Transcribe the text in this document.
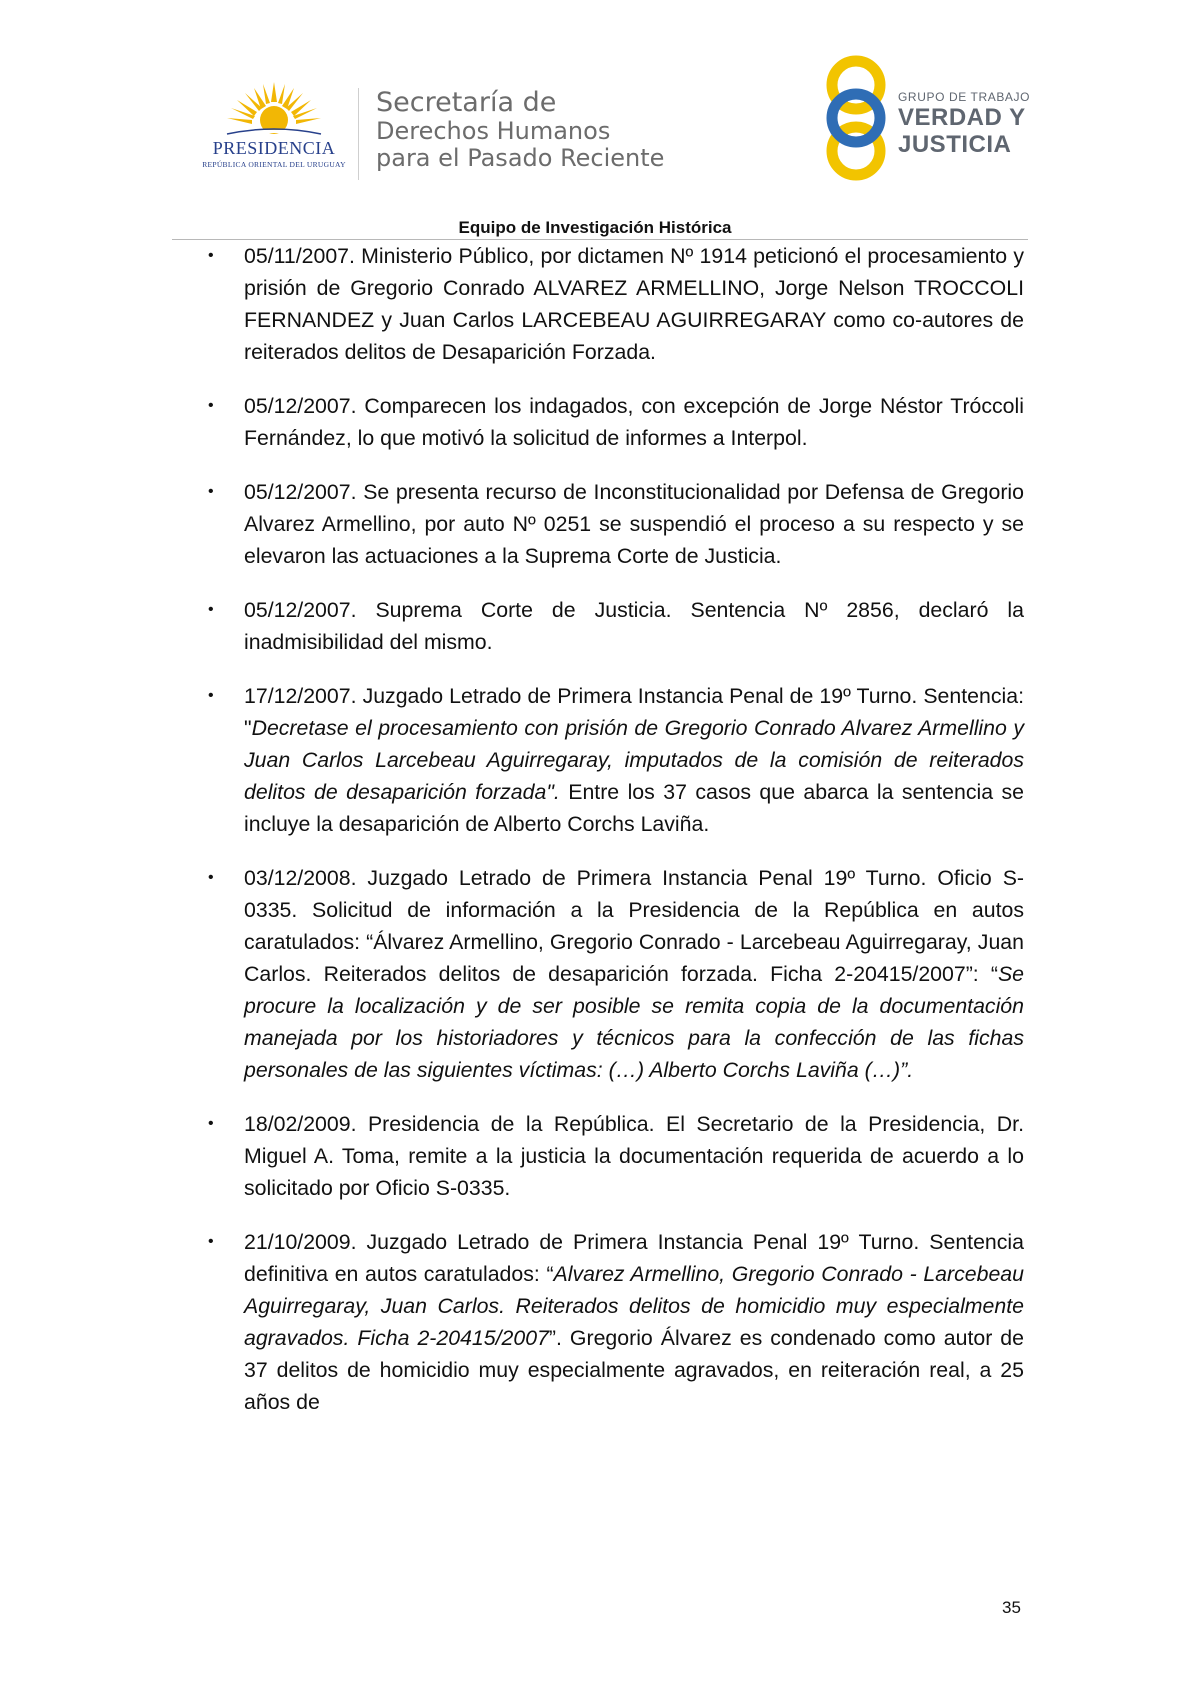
PRESIDENCIA
REPÚBLICA ORIENTAL DEL URUGUAY
Secretaría de
Derechos Humanos
para el Pasado Reciente
GRUPO DE TRABAJO
VERDAD Y
JUSTICIA
Equipo de Investigación Histórica
• 05/11/2007. Ministerio Público, por dictamen Nº 1914 peticionó el procesamiento y prisión de Gregorio Conrado ALVAREZ ARMELLINO, Jorge Nelson TROCCOLI FERNANDEZ y Juan Carlos LARCEBEAU AGUIRREGARAY como co-autores de reiterados delitos de Desaparición Forzada.
• 05/12/2007. Comparecen los indagados, con excepción de Jorge Néstor Tróccoli Fernández, lo que motivó la solicitud de informes a Interpol.
• 05/12/2007. Se presenta recurso de Inconstitucionalidad por Defensa de Gregorio Alvarez Armellino, por auto Nº 0251 se suspendió el proceso a su respecto y se elevaron las actuaciones a la Suprema Corte de Justicia.
• 05/12/2007. Suprema Corte de Justicia. Sentencia Nº 2856, declaró la inadmisibilidad del mismo.
• 17/12/2007. Juzgado Letrado de Primera Instancia Penal de 19º Turno. Sentencia: "Decretase el procesamiento con prisión de Gregorio Conrado Alvarez Armellino y Juan Carlos Larcebeau Aguirregaray, imputados de la comisión de reiterados delitos de desaparición forzada". Entre los 37 casos que abarca la sentencia se incluye la desaparición de Alberto Corchs Laviña.
• 03/12/2008. Juzgado Letrado de Primera Instancia Penal 19º Turno. Oficio S-0335. Solicitud de información a la Presidencia de la República en autos caratulados: “Álvarez Armellino, Gregorio Conrado - Larcebeau Aguirregaray, Juan Carlos. Reiterados delitos de desaparición forzada. Ficha 2-20415/2007”: “Se procure la localización y de ser posible se remita copia de la documentación manejada por los historiadores y técnicos para la confección de las fichas personales de las siguientes víctimas: (…) Alberto Corchs Laviña (…)”.
• 18/02/2009. Presidencia de la República. El Secretario de la Presidencia, Dr. Miguel A. Toma, remite a la justicia la documentación requerida de acuerdo a lo solicitado por Oficio S-0335.
• 21/10/2009. Juzgado Letrado de Primera Instancia Penal 19º Turno. Sentencia definitiva en autos caratulados: “Alvarez Armellino, Gregorio Conrado - Larcebeau Aguirregaray, Juan Carlos. Reiterados delitos de homicidio muy especialmente agravados. Ficha 2-20415/2007”. Gregorio Álvarez es condenado como autor de 37 delitos de homicidio muy especialmente agravados, en reiteración real, a 25 años de
35
